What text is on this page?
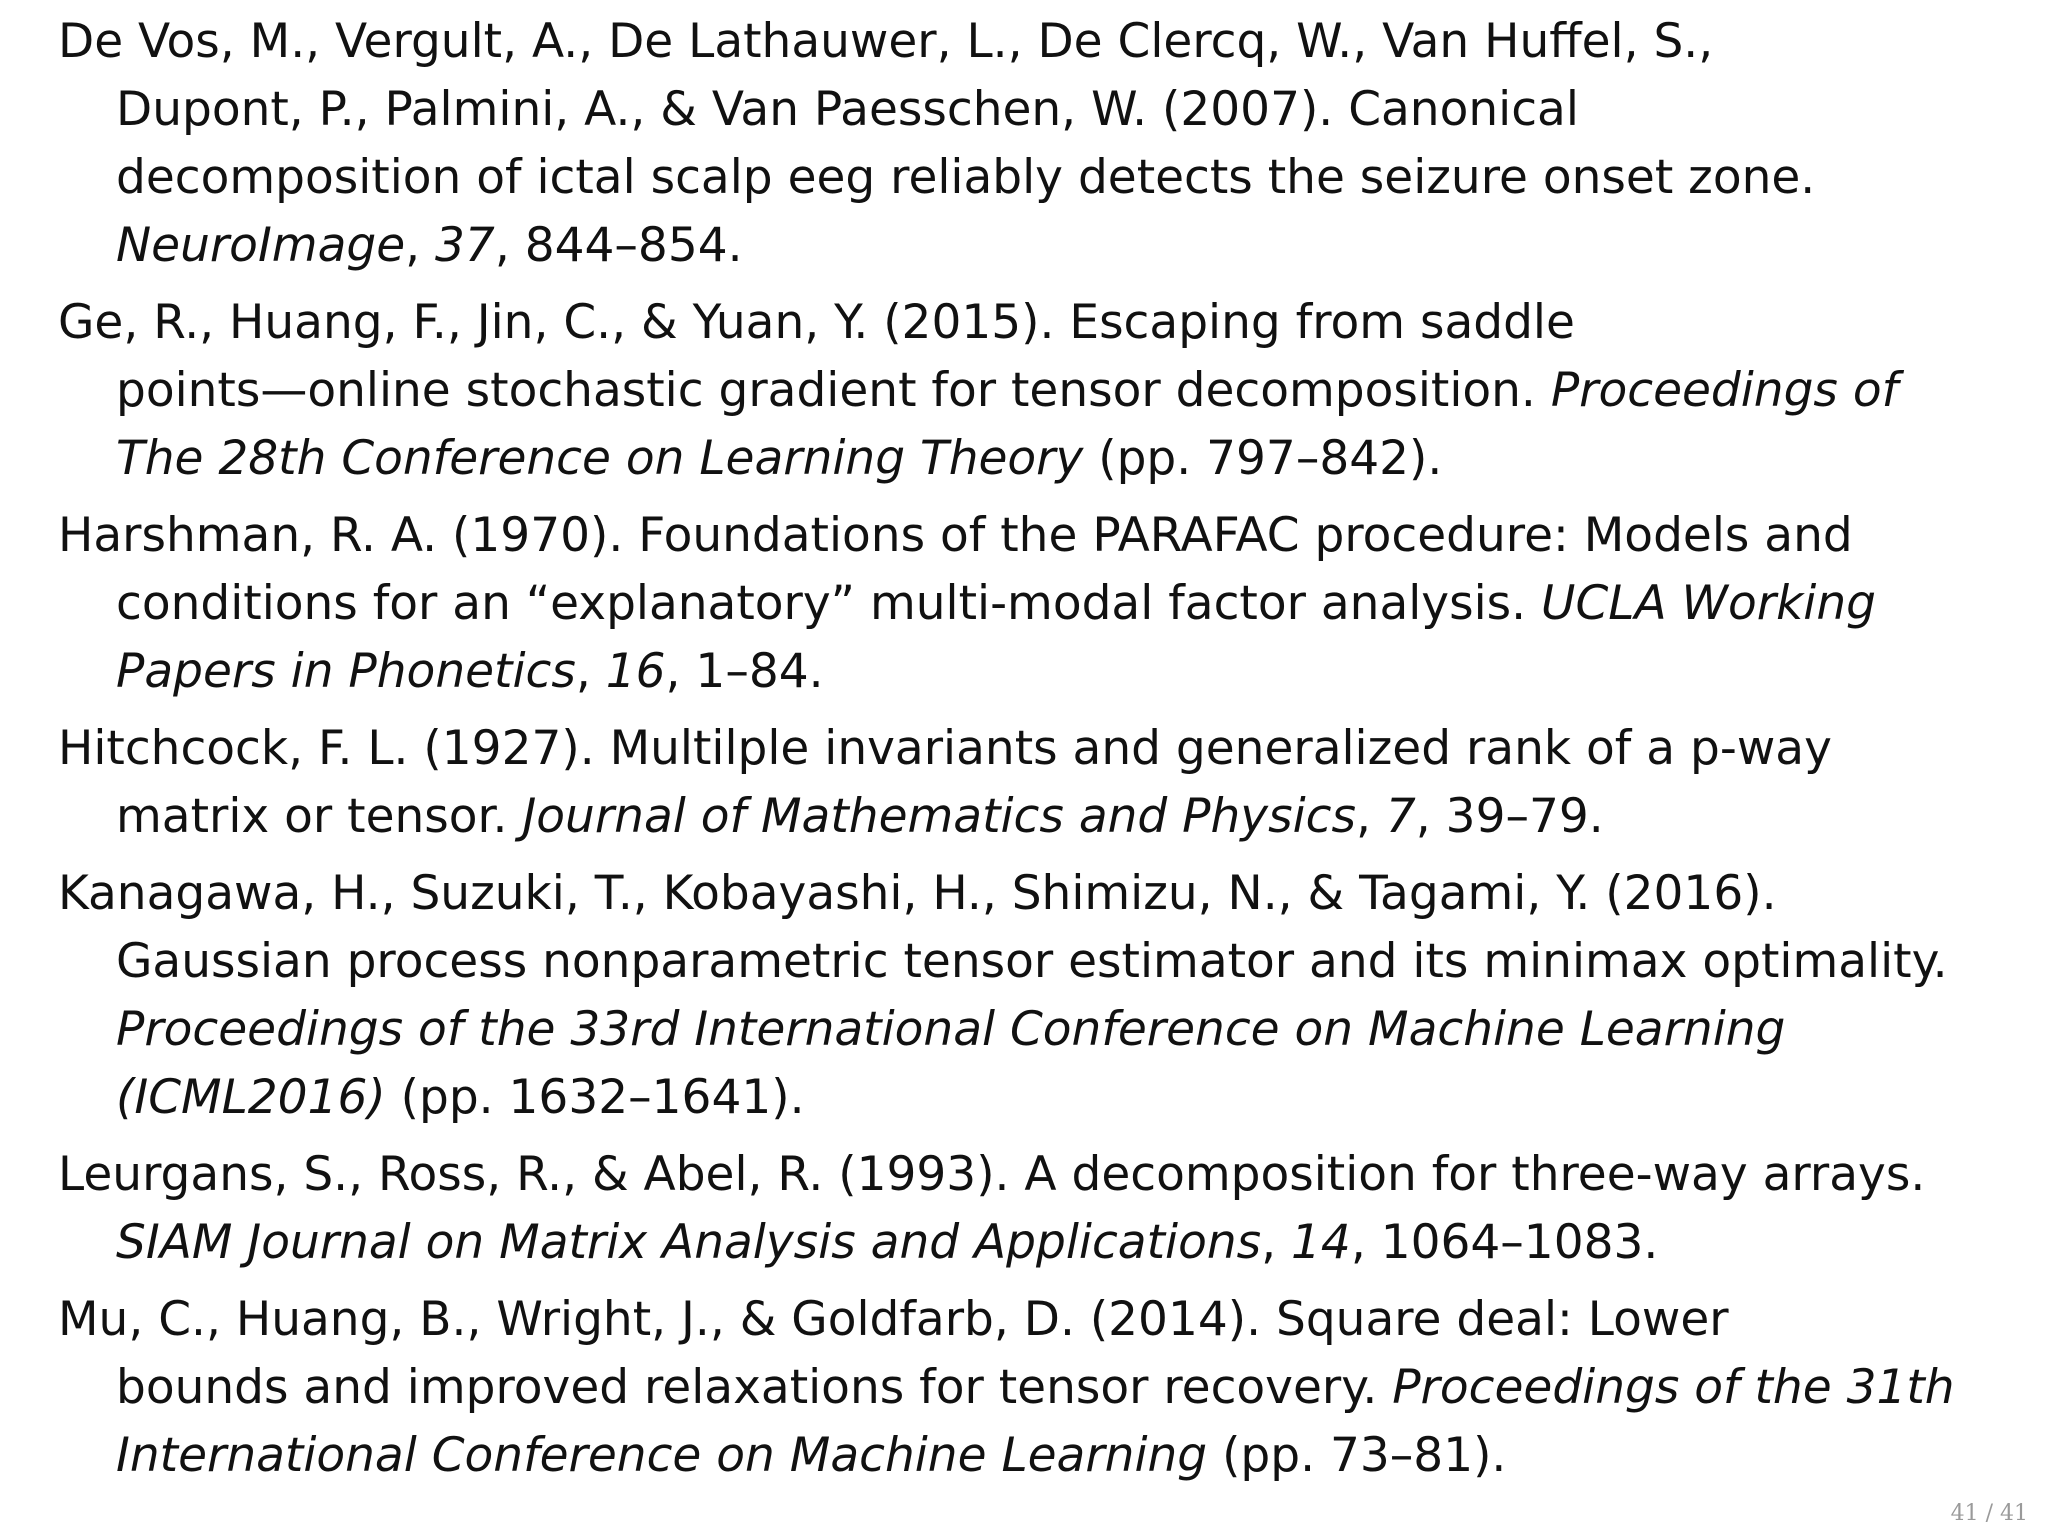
De Vos, M., Vergult, A., De Lathauwer, L., De Clercq, W., Van Huffel, S.,
Dupont, P., Palmini, A., & Van Paesschen, W. (2007). Canonical
decomposition of ictal scalp eeg reliably detects the seizure onset zone.
NeuroImage, 37, 844–854.
Ge, R., Huang, F., Jin, C., & Yuan, Y. (2015). Escaping from saddle
points—online stochastic gradient for tensor decomposition. Proceedings of
The 28th Conference on Learning Theory (pp. 797–842).
Harshman, R. A. (1970). Foundations of the PARAFAC procedure: Models and
conditions for an “explanatory” multi-modal factor analysis. UCLA Working
Papers in Phonetics, 16, 1–84.
Hitchcock, F. L. (1927). Multilple invariants and generalized rank of a p-way
matrix or tensor. Journal of Mathematics and Physics, 7, 39–79.
Kanagawa, H., Suzuki, T., Kobayashi, H., Shimizu, N., & Tagami, Y. (2016).
Gaussian process nonparametric tensor estimator and its minimax optimality.
Proceedings of the 33rd International Conference on Machine Learning
(ICML2016) (pp. 1632–1641).
Leurgans, S., Ross, R., & Abel, R. (1993). A decomposition for three-way arrays.
SIAM Journal on Matrix Analysis and Applications, 14, 1064–1083.
Mu, C., Huang, B., Wright, J., & Goldfarb, D. (2014). Square deal: Lower
bounds and improved relaxations for tensor recovery. Proceedings of the 31th
International Conference on Machine Learning (pp. 73–81).
41 / 41
